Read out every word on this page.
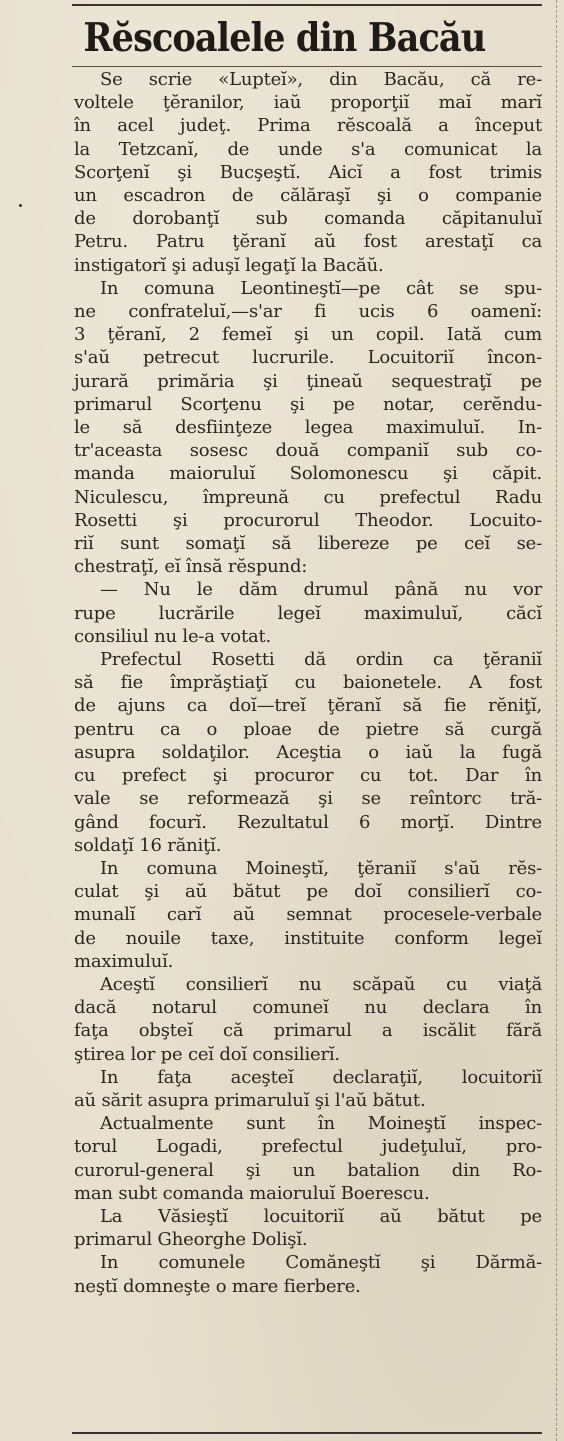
Rĕscoalele din Bacău

Se scrie «Lupteĭ», din Bacău, că re-
voltele ţĕranilor, iaŭ proporţiĭ maĭ marĭ
în acel judeţ. Prima rĕscoală a început
la Tetzcanĭ, de unde s'a comunicat la
Scorţenĭ şi Bucşeştĭ. Aicĭ a fost trimis
un escadron de călăraşĭ şi o companie
de dorobanţĭ sub comanda căpitanuluĭ
Petru. Patru ţĕranĭ aŭ fost arestaţĭ ca
instigatorĭ şi aduşĭ legaţĭ la Bacăŭ.

In comuna Leontineştĭ—pe cât se spu-
ne confrateluĭ,—s'ar fi ucis 6 oamenĭ:
3 ţĕranĭ, 2 femeĭ şi un copil. Iată cum
s'aŭ petrecut lucrurile. Locuitoriĭ încon-
jurară primăria şi ţineaŭ sequestraţĭ pe
primarul Scorţenu şi pe notar, cerĕndu-
le să desfiinţeze legea maximuluĭ. In-
tr'aceasta sosesc două companiĭ sub co-
manda maioruluĭ Solomonescu şi căpit.
Niculescu, împreună cu prefectul Radu
Rosetti şi procurorul Theodor. Locuito-
riĭ sunt somaţĭ să libereze pe ceĭ se-
chestraţĭ, eĭ însă rĕspund:

— Nu le dăm drumul până nu vor
rupe lucrările legeĭ maximuluĭ, căcĭ
consiliul nu le-a votat.

Prefectul Rosetti dă ordin ca ţĕraniĭ
să fie împrăştiaţĭ cu baionetele. A fost
de ajuns ca doĭ—treĭ ţĕranĭ să fie rĕniţĭ,
pentru ca o ploae de pietre să curgă
asupra soldaţilor. Aceştia o iaŭ la fugă
cu prefect şi procuror cu tot. Dar în
vale se reformează şi se reîntorc tră-
gând focurĭ. Rezultatul 6 morţĭ. Dintre
soldaţĭ 16 răniţĭ.

In comuna Moineştĭ, ţĕraniĭ s'aŭ rĕs-
culat şi aŭ bătut pe doĭ consilierĭ co-
munalĭ carĭ aŭ semnat procesele-verbale
de nouile taxe, instituite conform legeĭ
maximuluĭ.

Aceştĭ consilierĭ nu scăpaŭ cu viaţă
dacă notarul comuneĭ nu declara în
faţa obşteĭ că primarul a iscălit fără
ştirea lor pe ceĭ doĭ consilierĭ.

In faţa aceşteĭ declaraţiĭ, locuitoriĭ
aŭ sărit asupra primaruluĭ şi l'aŭ bătut.

Actualmente sunt în Moineştĭ inspec-
torul Logadi, prefectul judeţuluĭ, pro-
curorul-general şi un batalion din Ro-
man subt comanda maioruluĭ Boerescu.

La Văsieştĭ locuitoriĭ aŭ bătut pe
primarul Gheorghe Dolişĭ.

In comunele Comăneştĭ şi Dărmă-
neştĭ domneşte o mare fierbere.
